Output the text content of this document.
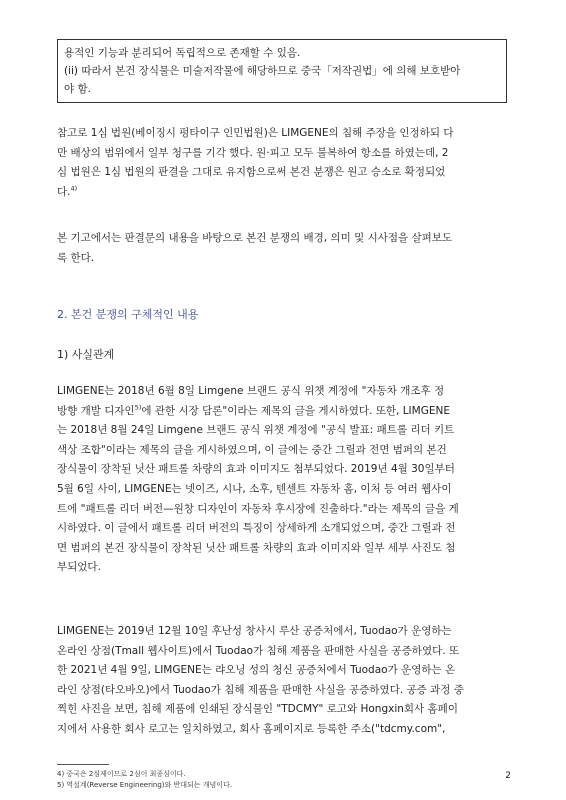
용적인 기능과 분리되어 독립적으로 존재할 수 있음.
(ii) 따라서 본건 장식물은 미술저작물에 해당하므로 중국「저작권법」에 의해 보호받아
야 함.
참고로 1심 법원(베이징시 펑타이구 인민법원)은 LIMGENE의 침해 주장을 인정하되 다
만 배상의 범위에서 일부 청구를 기각 했다. 원·피고 모두 불복하여 항소를 하였는데, 2
심 법원은 1심 법원의 판결을 그대로 유지함으로써 본건 분쟁은 원고 승소로 확정되었
다.$^{4)}$
본 기고에서는 판결문의 내용을 바탕으로 본건 분쟁의 배경, 의미 및 시사점을 살펴보도
록 한다.
2. 본건 분쟁의 구체적인 내용
1) 사실관계
LIMGENE는 2018년 6월 8일 Limgene 브랜드 공식 위챗 계정에 "자동차 개조후 정
방향 개발 디자인$^{5)}$에 관한 시장 담론"이라는 제목의 글을 게시하였다. 또한, LIMGENE
는 2018년 8월 24일 Limgene 브랜드 공식 위챗 계정에 "공식 발표: 패트롤 리더 키트
색상 조합"이라는 제목의 글을 게시하였으며, 이 글에는 중간 그릴과 전면 범퍼의 본건
장식물이 장착된 닛산 패트롤 차량의 효과 이미지도 첨부되었다. 2019년 4월 30일부터
5월 6일 사이, LIMGENE는 넷이즈, 시나, 소후, 텐센트 자동차 홈, 이처 등 여러 웹사이
트에 "패트롤 리더 버전—원창 디자인이 자동차 후시장에 진출하다."라는 제목의 글을 게
시하였다. 이 글에서 패트롤 리더 버전의 특징이 상세하게 소개되었으며, 중간 그릴과 전
면 범퍼의 본건 장식물이 장착된 닛산 패트롤 차량의 효과 이미지와 일부 세부 사진도 첨
부되었다.
LIMGENE는 2019년 12월 10일 후난성 창사시 루산 공증처에서, Tuodao가 운영하는
온라인 상점(Tmall 웹사이트)에서 Tuodao가 침해 제품을 판매한 사실을 공증하였다. 또
한 2021년 4월 9일, LIMGENE는 랴오닝 성의 청신 공증처에서 Tuodao가 운영하는 온
라인 상점(타오바오)에서 Tuodao가 침해 제품을 판매한 사실을 공증하였다. 공증 과정 중
찍힌 사진을 보면, 침해 제품에 인쇄된 장식물인 "TDCMY" 로고와 Hongxin회사 홈페이
지에서 사용한 회사 로고는 일치하였고, 회사 홈페이지로 등록한 주소("tdcmy.com",
4) 중국은 2심제이므로 2심이 최종심이다.
5) 역설계(Reverse Engineering)와 반대되는 개념이다.
2
